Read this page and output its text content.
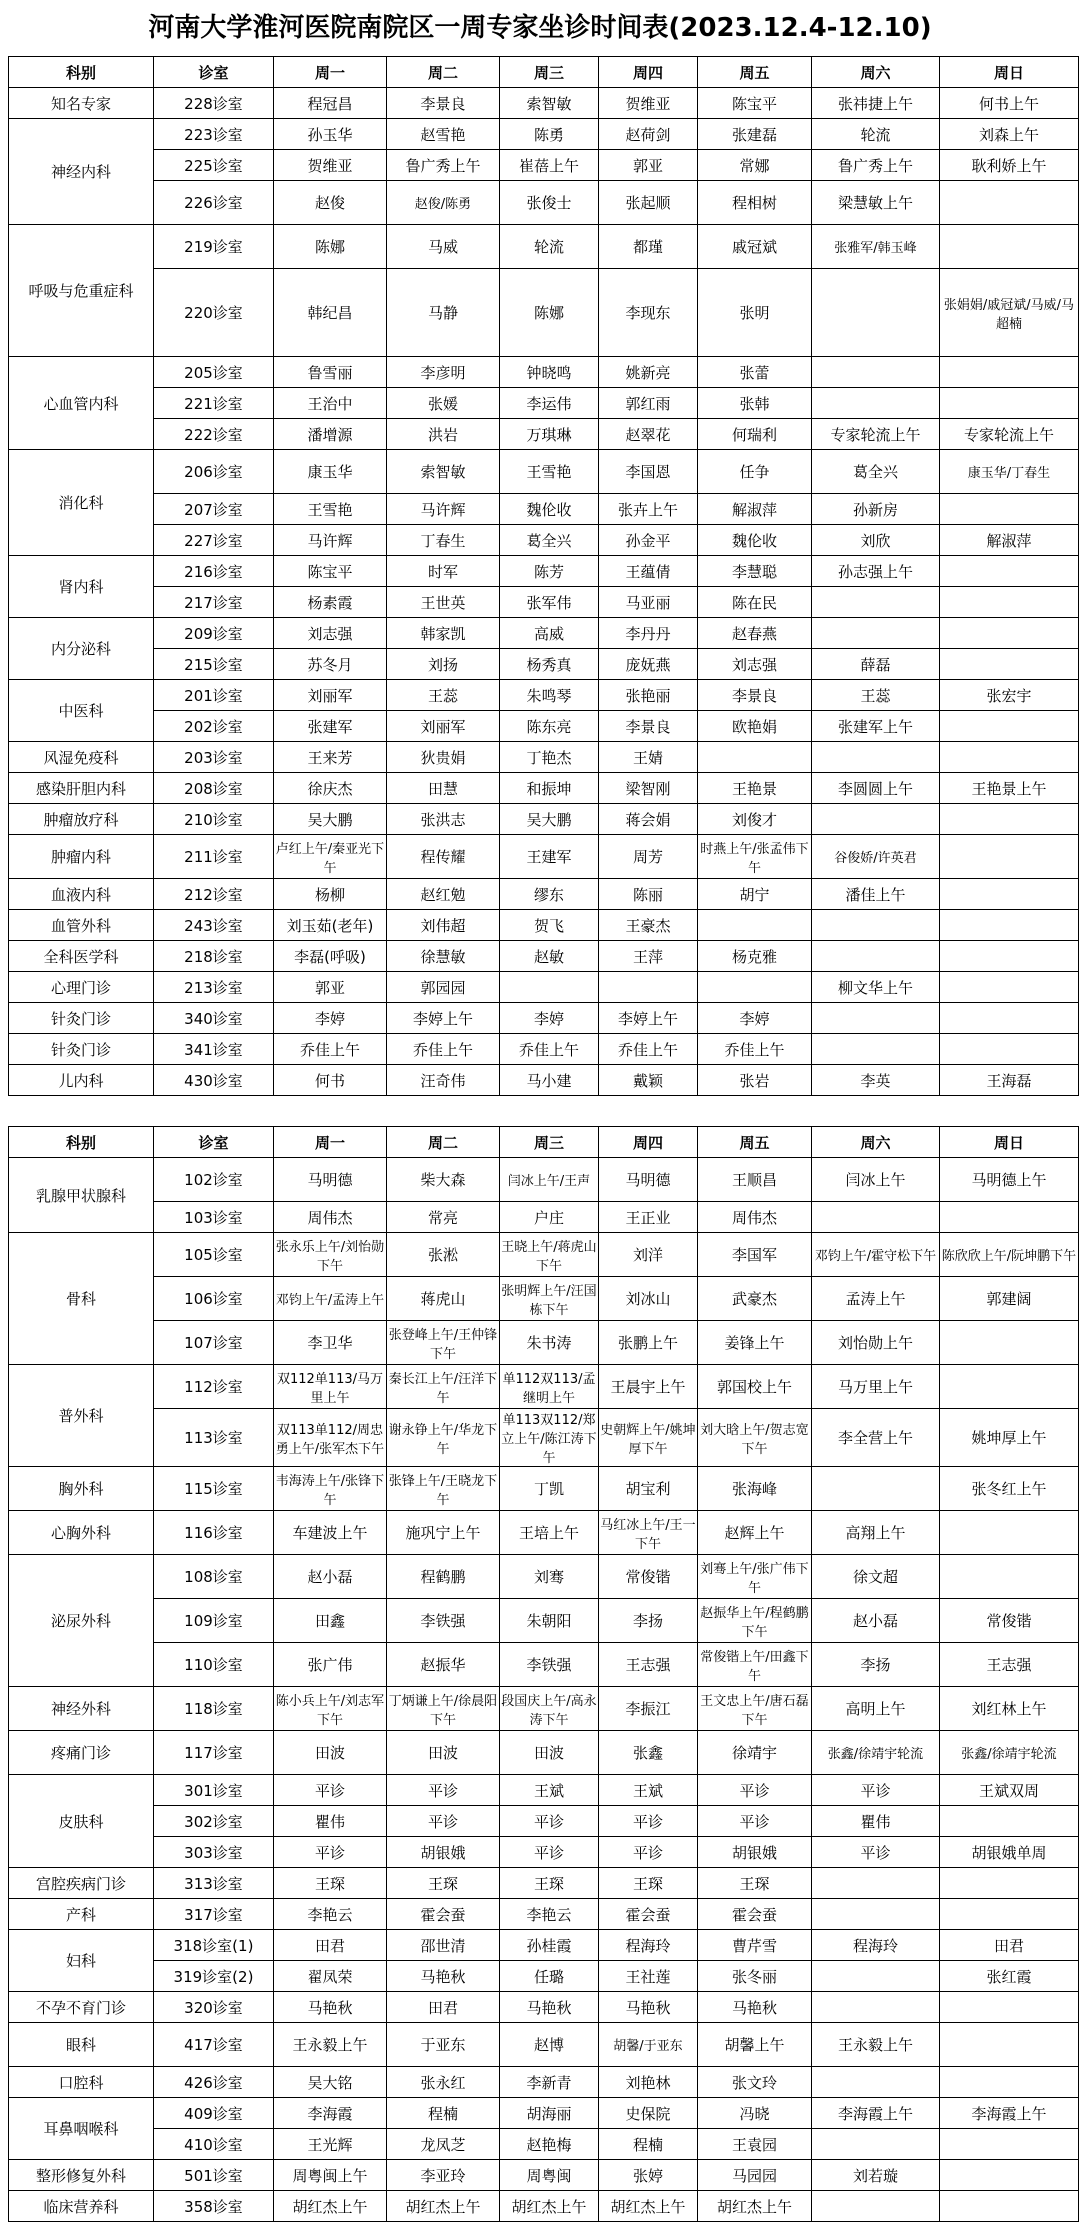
河南大学淮河医院南院区一周专家坐诊时间表(2023.12.4-12.10)
科别	诊室	周一	周二	周三	周四	周五	周六	周日
知名专家	228诊室	程冠昌	李景良	索智敏	贺维亚	陈宝平	张祎捷上午	何书上午
神经内科	223诊室	孙玉华	赵雪艳	陈勇	赵荷剑	张建磊	轮流	刘森上午
	225诊室	贺维亚	鲁广秀上午	崔蓓上午	郭亚	常娜	鲁广秀上午	耿利娇上午
	226诊室	赵俊	赵俊/陈勇	张俊士	张起顺	程相树	梁慧敏上午	
呼吸与危重症科	219诊室	陈娜	马威	轮流	都瑾	戚冠斌	张雅军/韩玉峰	
	220诊室	韩纪昌	马静	陈娜	李现东	张明		张娟娟/戚冠斌/马威/马超楠
心血管内科	205诊室	鲁雪丽	李彦明	钟晓鸣	姚新亮	张蕾		
	221诊室	王治中	张媛	李运伟	郭红雨	张韩		
	222诊室	潘增源	洪岩	万琪琳	赵翠花	何瑞利	专家轮流上午	专家轮流上午
消化科	206诊室	康玉华	索智敏	王雪艳	李国恩	任争	葛全兴	康玉华/丁春生
	207诊室	王雪艳	马许辉	魏伦收	张卉上午	解淑萍	孙新房	
	227诊室	马许辉	丁春生	葛全兴	孙金平	魏伦收	刘欣	解淑萍
肾内科	216诊室	陈宝平	时军	陈芳	王蕴倩	李慧聪	孙志强上午	
	217诊室	杨素霞	王世英	张军伟	马亚丽	陈在民		
内分泌科	209诊室	刘志强	韩家凯	高威	李丹丹	赵春燕		
	215诊室	苏冬月	刘扬	杨秀真	庞妩燕	刘志强	薛磊	
中医科	201诊室	刘丽军	王蕊	朱鸣琴	张艳丽	李景良	王蕊	张宏宇
	202诊室	张建军	刘丽军	陈东亮	李景良	欧艳娟	张建军上午	
风湿免疫科	203诊室	王来芳	狄贵娟	丁艳杰	王婧			
感染肝胆内科	208诊室	徐庆杰	田慧	和振坤	梁智刚	王艳景	李圆圆上午	王艳景上午
肿瘤放疗科	210诊室	吴大鹏	张洪志	吴大鹏	蒋会娟	刘俊才		
肿瘤内科	211诊室	卢红上午/秦亚光下午	程传耀	王建军	周芳	时燕上午/张孟伟下午	谷俊娇/许英君	
血液内科	212诊室	杨柳	赵红勉	缪东	陈丽	胡宁	潘佳上午	
血管外科	243诊室	刘玉茹(老年)	刘伟超	贺飞	王豪杰			
全科医学科	218诊室	李磊(呼吸)	徐慧敏	赵敏	王萍	杨克雅		
心理门诊	213诊室	郭亚	郭园园				柳文华上午	
针灸门诊	340诊室	李婷	李婷上午	李婷	李婷上午	李婷		
针灸门诊	341诊室	乔佳上午	乔佳上午	乔佳上午	乔佳上午	乔佳上午		
儿内科	430诊室	何书	汪奇伟	马小建	戴颖	张岩	李英	王海磊
科别	诊室	周一	周二	周三	周四	周五	周六	周日
乳腺甲状腺科	102诊室	马明德	柴大森	闫冰上午/王声	马明德	王顺昌	闫冰上午	马明德上午
	103诊室	周伟杰	常亮	户庄	王正业	周伟杰		
骨科	105诊室	张永乐上午/刘怡勋下午	张淞	王晓上午/蒋虎山下午	刘洋	李国军	邓钧上午/霍守松下午	陈欣欣上午/阮坤鹏下午
	106诊室	邓钧上午/孟涛上午	蒋虎山	张明辉上午/汪国栋下午	刘冰山	武豪杰	孟涛上午	郭建阔
	107诊室	李卫华	张登峰上午/王仲锋下午	朱书涛	张鹏上午	姜锋上午	刘怡勋上午	
普外科	112诊室	双112单113/马万里上午	秦长江上午/汪洋下午	单112双113/孟继明上午	王晨宇上午	郭国校上午	马万里上午	
	113诊室	双113单112/周忠勇上午/张军杰下午	谢永铮上午/华龙下午	单113双112/郑立上午/陈江涛下午	史朝辉上午/姚坤厚下午	刘大晗上午/贺志宽下午	李全营上午	姚坤厚上午
胸外科	115诊室	韦海涛上午/张锋下午	张锋上午/王晓龙下午	丁凯	胡宝利	张海峰		张冬红上午
心胸外科	116诊室	车建波上午	施巩宁上午	王培上午	马红冰上午/王一下午	赵辉上午	高翔上午	
泌尿外科	108诊室	赵小磊	程鹤鹏	刘骞	常俊锴	刘骞上午/张广伟下午	徐文超	
	109诊室	田鑫	李铁强	朱朝阳	李扬	赵振华上午/程鹤鹏下午	赵小磊	常俊锴
	110诊室	张广伟	赵振华	李铁强	王志强	常俊锴上午/田鑫下午	李扬	王志强
神经外科	118诊室	陈小兵上午/刘志军下午	丁炳谦上午/徐晨阳下午	段国庆上午/高永涛下午	李振江	王文忠上午/唐石磊下午	高明上午	刘红林上午
疼痛门诊	117诊室	田波	田波	田波	张鑫	徐靖宇	张鑫/徐靖宇轮流	张鑫/徐靖宇轮流
皮肤科	301诊室	平诊	平诊	王斌	王斌	平诊	平诊	王斌双周
	302诊室	瞿伟	平诊	平诊	平诊	平诊	瞿伟	
	303诊室	平诊	胡银娥	平诊	平诊	胡银娥	平诊	胡银娥单周
宫腔疾病门诊	313诊室	王琛	王琛	王琛	王琛	王琛		
产科	317诊室	李艳云	霍会蚕	李艳云	霍会蚕	霍会蚕		
妇科	318诊室(1)	田君	邵世清	孙桂霞	程海玲	曹芹雪	程海玲	田君
	319诊室(2)	翟凤荣	马艳秋	任璐	王社莲	张冬丽		张红霞
不孕不育门诊	320诊室	马艳秋	田君	马艳秋	马艳秋	马艳秋		
眼科	417诊室	王永毅上午	于亚东	赵博	胡馨/于亚东	胡馨上午	王永毅上午	
口腔科	426诊室	吴大铭	张永红	李新青	刘艳林	张文玲		
耳鼻咽喉科	409诊室	李海霞	程楠	胡海丽	史保院	冯晓	李海霞上午	李海霞上午
	410诊室	王光辉	龙凤芝	赵艳梅	程楠	王袁园		
整形修复外科	501诊室	周粤闽上午	李亚玲	周粤闽	张婷	马园园	刘若璇	
临床营养科	358诊室	胡红杰上午	胡红杰上午	胡红杰上午	胡红杰上午	胡红杰上午		
